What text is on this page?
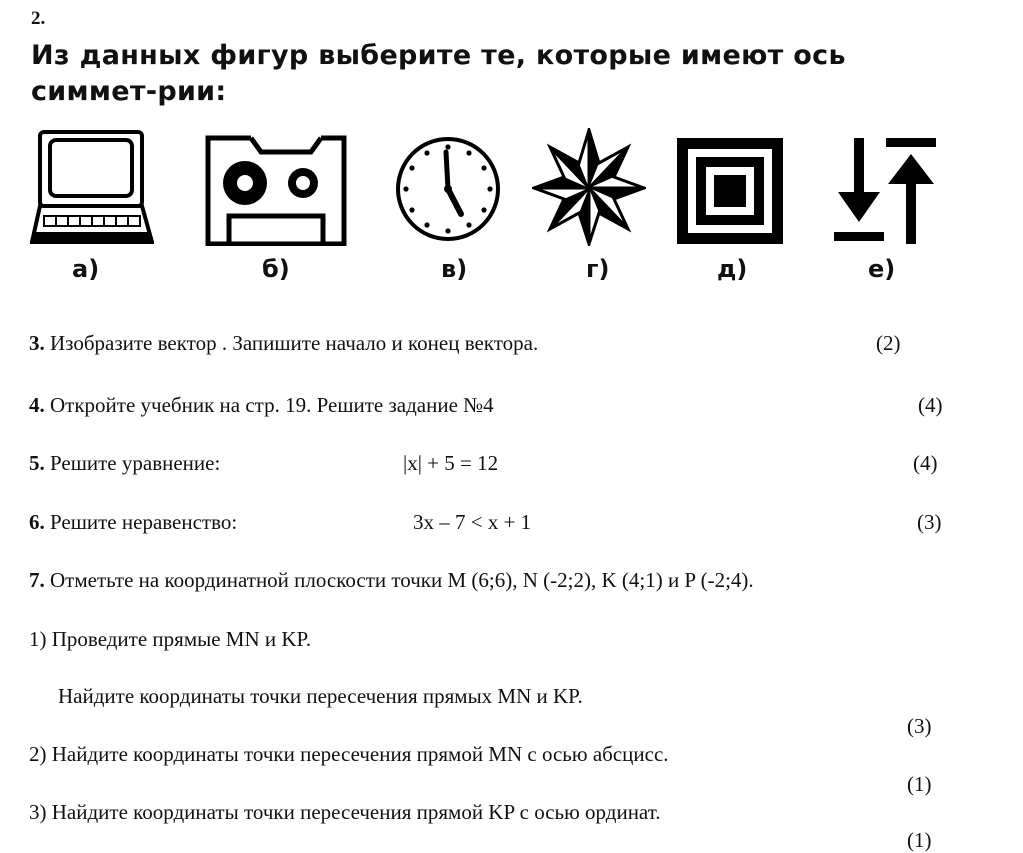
2.
Из данных фигур выберите те, которые имеют ось симмет-рии:
а)	б)	в)	г)	д)	е)
3. Изобразите вектор . Запишите начало и конец вектора.	(2)
4. Откройте учебник на стр. 19. Решите задание №4	(4)
5. Решите уравнение:	|x| + 5 = 12	(4)
6. Решите неравенство:	3x – 7 < x + 1	(3)
7. Отметьте на координатной плоскости точки M (6;6), N (-2;2), K (4;1) и P (-2;4).
1) Проведите прямые MN и KP.
Найдите координаты точки пересечения прямых MN и KP.
(3)
2) Найдите координаты точки пересечения прямой MN с осью абсцисс.
(1)
3) Найдите координаты точки пересечения прямой KP с осью ординат.
(1)
